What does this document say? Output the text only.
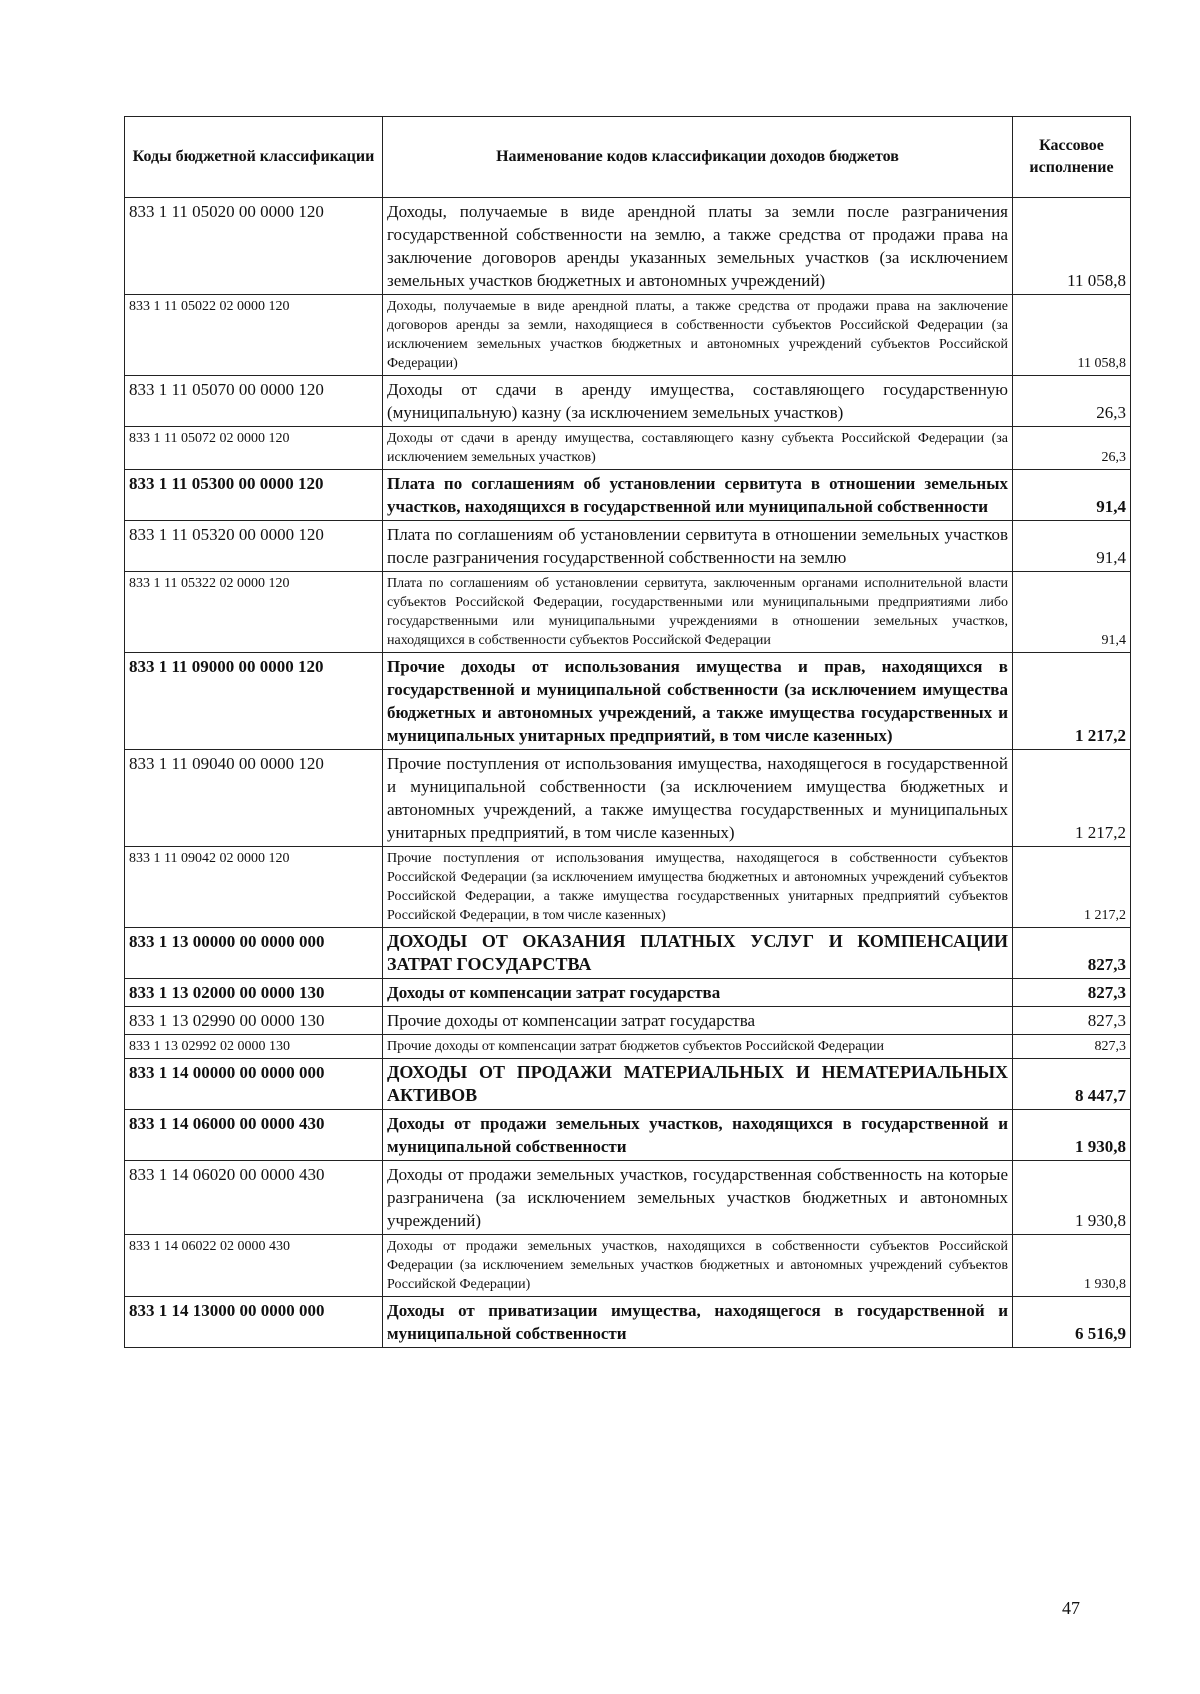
Коды бюджетной классификации	Наименование кодов классификации доходов бюджетов	Кассовое исполнение
833 1 11 05020 00 0000 120	Доходы, получаемые в виде арендной платы за земли после разграничения государственной собственности на землю, а также средства от продажи права на заключение договоров аренды указанных земельных участков (за исключением земельных участков бюджетных и автономных учреждений)	11 058,8
833 1 11 05022 02 0000 120	Доходы, получаемые в виде арендной платы, а также средства от продажи права на заключение договоров аренды за земли, находящиеся в собственности субъектов Российской Федерации (за исключением земельных участков бюджетных и автономных учреждений субъектов Российской Федерации)	11 058,8
833 1 11 05070 00 0000 120	Доходы от сдачи в аренду имущества, составляющего государственную (муниципальную) казну (за исключением земельных участков)	26,3
833 1 11 05072 02 0000 120	Доходы от сдачи в аренду имущества, составляющего казну субъекта Российской Федерации (за исключением земельных участков)	26,3
833 1 11 05300 00 0000 120	Плата по соглашениям об установлении сервитута в отношении земельных участков, находящихся в государственной или муниципальной собственности	91,4
833 1 11 05320 00 0000 120	Плата по соглашениям об установлении сервитута в отношении земельных участков после разграничения государственной собственности на землю	91,4
833 1 11 05322 02 0000 120	Плата по соглашениям об установлении сервитута, заключенным органами исполнительной власти субъектов Российской Федерации, государственными или муниципальными предприятиями либо государственными или муниципальными учреждениями в отношении земельных участков, находящихся в собственности субъектов Российской Федерации	91,4
833 1 11 09000 00 0000 120	Прочие доходы от использования имущества и прав, находящихся в государственной и муниципальной собственности (за исключением имущества бюджетных и автономных учреждений, а также имущества государственных и муниципальных унитарных предприятий, в том числе казенных)	1 217,2
833 1 11 09040 00 0000 120	Прочие поступления от использования имущества, находящегося в государственной и муниципальной собственности (за исключением имущества бюджетных и автономных учреждений, а также имущества государственных и муниципальных унитарных предприятий, в том числе казенных)	1 217,2
833 1 11 09042 02 0000 120	Прочие поступления от использования имущества, находящегося в собственности субъектов Российской Федерации (за исключением имущества бюджетных и автономных учреждений субъектов Российской Федерации, а также имущества государственных унитарных предприятий субъектов Российской Федерации, в том числе казенных)	1 217,2
833 1 13 00000 00 0000 000	ДОХОДЫ ОТ ОКАЗАНИЯ ПЛАТНЫХ УСЛУГ И КОМПЕНСАЦИИ ЗАТРАТ ГОСУДАРСТВА	827,3
833 1 13 02000 00 0000 130	Доходы от компенсации затрат государства	827,3
833 1 13 02990 00 0000 130	Прочие доходы от компенсации затрат государства	827,3
833 1 13 02992 02 0000 130	Прочие доходы от компенсации затрат бюджетов субъектов Российской Федерации	827,3
833 1 14 00000 00 0000 000	ДОХОДЫ ОТ ПРОДАЖИ МАТЕРИАЛЬНЫХ И НЕМАТЕРИАЛЬНЫХ АКТИВОВ	8 447,7
833 1 14 06000 00 0000 430	Доходы от продажи земельных участков, находящихся в государственной и муниципальной собственности	1 930,8
833 1 14 06020 00 0000 430	Доходы от продажи земельных участков, государственная собственность на которые разграничена (за исключением земельных участков бюджетных и автономных учреждений)	1 930,8
833 1 14 06022 02 0000 430	Доходы от продажи земельных участков, находящихся в собственности субъектов Российской Федерации (за исключением земельных участков бюджетных и автономных учреждений субъектов Российской Федерации)	1 930,8
833 1 14 13000 00 0000 000	Доходы от приватизации имущества, находящегося в государственной и муниципальной собственности	6 516,9
47
